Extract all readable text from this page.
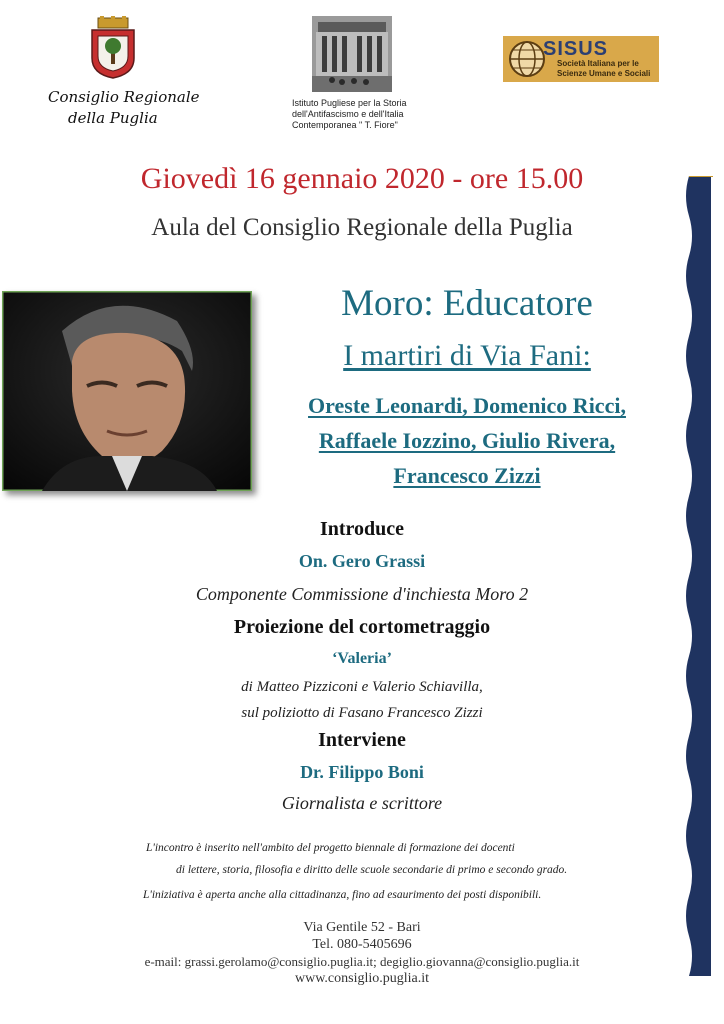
Consiglio Regionale
della Puglia
Istituto Pugliese per la Storia
dell'Antifascismo e dell'Italia
Contemporanea " T. Fiore"
SISUS
Società Italiana per le
Scienze Umane e Sociali
Giovedì 16 gennaio 2020 - ore 15.00
Aula del Consiglio Regionale della Puglia
Moro: Educatore
I martiri di Via Fani:
Oreste Leonardi, Domenico Ricci,
Raffaele Iozzino, Giulio Rivera,
Francesco Zizzi
Introduce
On. Gero Grassi
Componente Commissione d'inchiesta Moro 2
Proiezione del cortometraggio
‘Valeria’
di Matteo Pizziconi e Valerio Schiavilla,
sul poliziotto di Fasano Francesco Zizzi
Interviene
Dr. Filippo Boni
Giornalista e scrittore
L'incontro è inserito nell'ambito del progetto biennale di formazione dei docenti
di lettere, storia, filosofia e diritto delle scuole secondarie di primo e secondo grado.
L'iniziativa è aperta anche alla cittadinanza, fino ad esaurimento dei posti disponibili.
Via Gentile 52 - Bari
Tel. 080-5405696
e-mail: grassi.gerolamo@consiglio.puglia.it; degiglio.giovanna@consiglio.puglia.it
www.consiglio.puglia.it
